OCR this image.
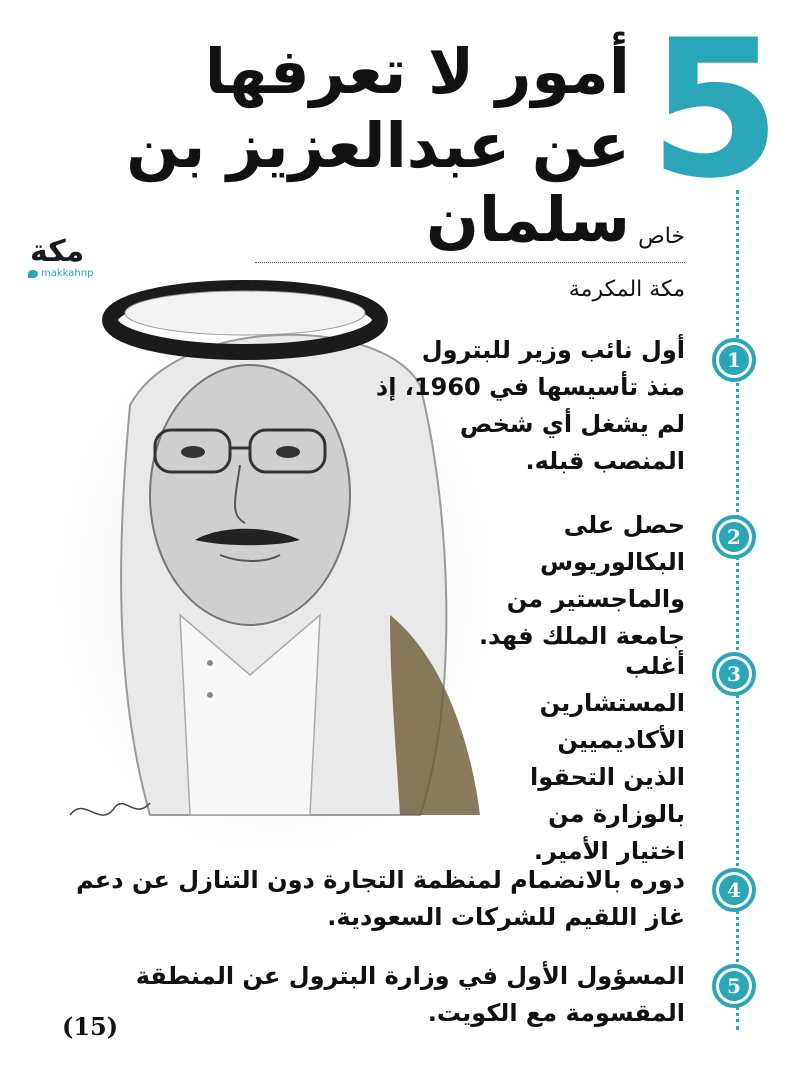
5
أمور لا تعرفها
عن عبدالعزيز بن سلمان خاص
مكة المكرمة
مكة
makkahnp
1
أول نائب وزير للبترول منذ تأسيسها في 1960، إذ لم يشغل أي شخص المنصب قبله.
2
حصل على البكالوريوس والماجستير من جامعة الملك فهد.
3
أغلب المستشارين الأكاديميين الذين التحقوا بالوزارة من اختيار الأمير.
4
دوره بالانضمام لمنظمة التجارة دون التنازل عن دعم غاز اللقيم للشركات السعودية.
5
المسؤول الأول في وزارة البترول عن المنطقة المقسومة مع الكويت.
(15)
